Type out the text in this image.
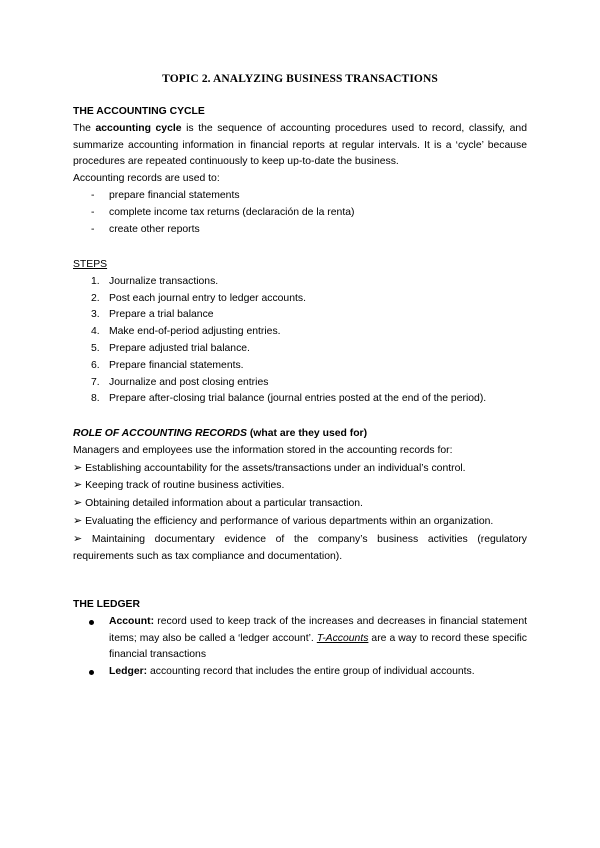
TOPIC 2. ANALYZING BUSINESS TRANSACTIONS
THE ACCOUNTING CYCLE
The accounting cycle is the sequence of accounting procedures used to record, classify, and summarize accounting information in financial reports at regular intervals. It is a ‘cycle’ because procedures are repeated continuously to keep up-to-date the business.
Accounting records are used to:
- prepare financial statements
- complete income tax returns (declaración de la renta)
- create other reports
STEPS
1. Journalize transactions.
2. Post each journal entry to ledger accounts.
3. Prepare a trial balance
4. Make end-of-period adjusting entries.
5. Prepare adjusted trial balance.
6. Prepare financial statements.
7. Journalize and post closing entries
8. Prepare after-closing trial balance (journal entries posted at the end of the period).
ROLE OF ACCOUNTING RECORDS (what are they used for)
Managers and employees use the information stored in the accounting records for:
➢ Establishing accountability for the assets/transactions under an individual’s control.
➢ Keeping track of routine business activities.
➢ Obtaining detailed information about a particular transaction.
➢ Evaluating the efficiency and performance of various departments within an organization.
➢ Maintaining documentary evidence of the company’s business activities (regulatory requirements such as tax compliance and documentation).
THE LEDGER
Account: record used to keep track of the increases and decreases in financial statement items; may also be called a ‘ledger account’. T-Accounts are a way to record these specific financial transactions
Ledger: accounting record that includes the entire group of individual accounts.
